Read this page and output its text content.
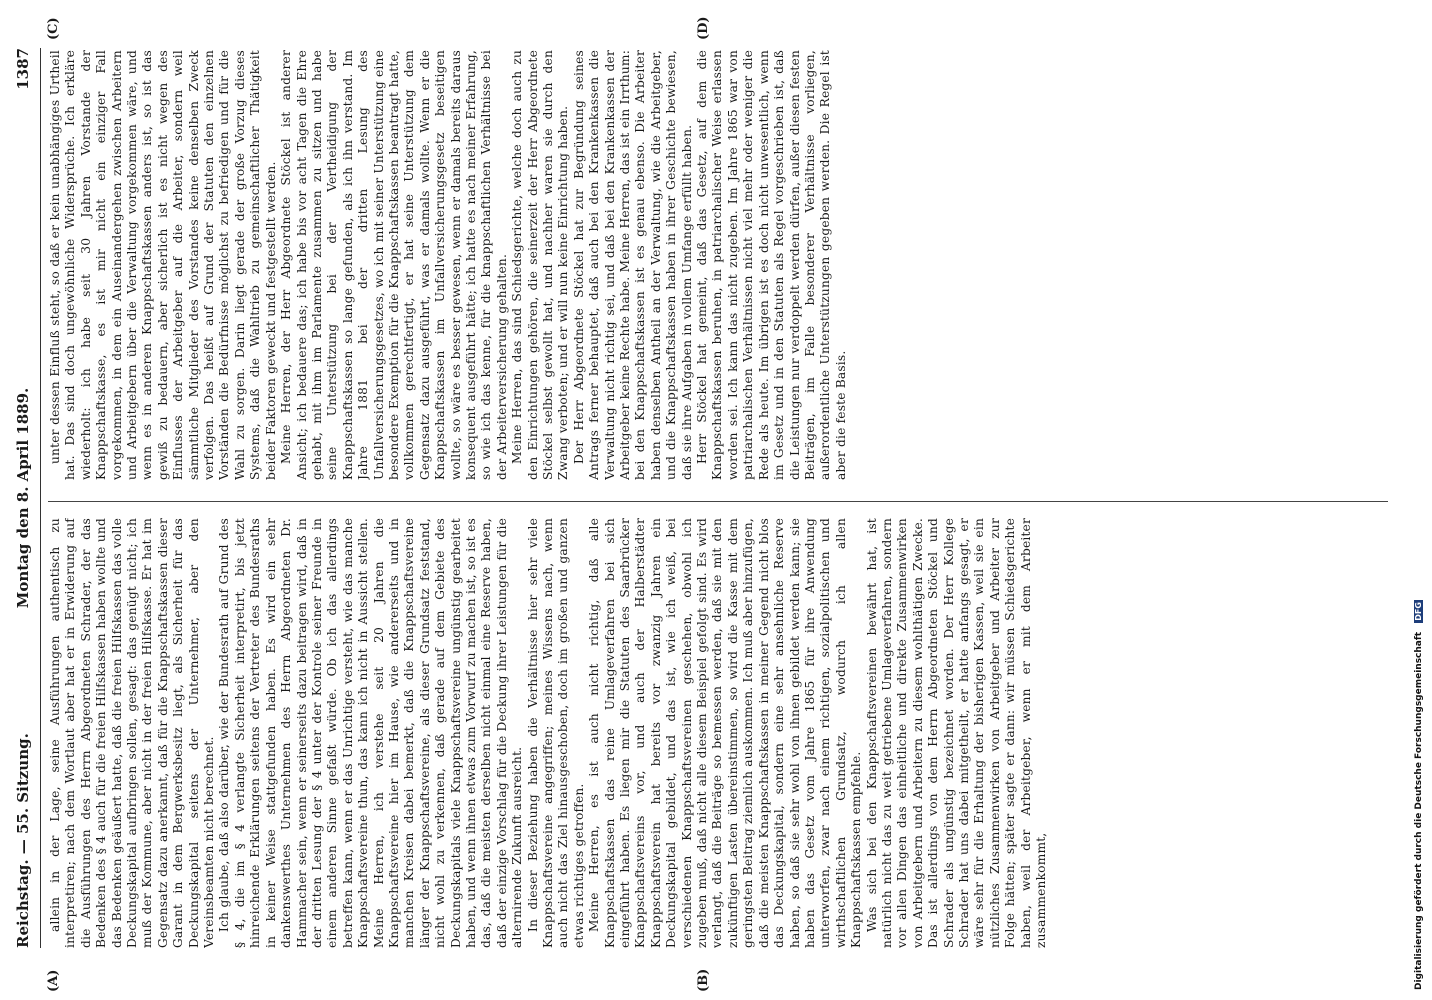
Reichstag. — 55. Sitzung.
Montag den 8. April 1889.
1387
(A)	(B)
(C)	(D)

allein in der Lage, seine Ausführungen authentisch zu interpretiren; nach dem Wortlaut aber hat er in Erwiderung auf die Ausführungen des Herrn Abgeordneten Schrader, der das Bedenken des § 4 auch für die freien Hilfskassen haben wollte und das Bedenken geäußert hatte, daß die freien Hilfskassen das volle Deckungskapital aufbringen sollen, gesagt: das genügt nicht; ich muß der Kommune, aber nicht in der freien Hilfskasse. Er hat im Gegensatz dazu anerkannt, daß für die Knappschaftskassen dieser Garant in dem Bergwerksbesitz liegt, als Sicherheit für das Deckungskapital seitens der Unternehmer, aber den Vereinsbeamten nicht berechnet. Ich glaube, daß also darüber, wie der Bundesrath auf Grund des § 4, die im § 4 verlangte Sicherheit interpretirt, bis jetzt hinreichende Erklärungen seitens der Vertreter des Bundesraths in keiner Weise stattgefunden haben. Es wird ein sehr dankenswerthes Unternehmen des Herrn Abgeordneten Dr. Hammacher sein, wenn er seinerseits dazu beitragen wird, daß in der dritten Lesung der § 4 unter der Kontrole seiner Freunde in einem anderen Sinne gefaßt würde. Ob ich das allerdings betreffen kann, wenn er das Unrichtige versteht, wie das manche Knappschaftsvereine thun, das kann ich nicht in Aussicht stellen. Meine Herren, ich verstehe seit 20 Jahren die Knappschaftsvereine hier im Hause, wie andererseits und in manchen Kreisen dabei bemerkt, daß die Knappschaftsvereine länger der Knappschaftsvereine, als dieser Grundsatz feststand, nicht wohl zu verkennen, daß gerade auf dem Gebiete des Deckungskapitals viele Knappschaftsvereine ungünstig gearbeitet haben, und wenn ihnen etwas zum Vorwurf zu machen ist, so ist es das, daß die meisten derselben nicht einmal eine Reserve haben, daß der einzige Vorschlag für die Deckung ihrer Leistungen für die alternirende Zukunft ausreicht. In dieser Beziehung haben die Verhältnisse hier sehr viele Knappschaftsvereine angegriffen; meines Wissens nach, wenn auch nicht das Ziel hinausgeschoben, doch im großen und ganzen etwas richtiges getroffen. Meine Herren, es ist auch nicht richtig, daß alle Knappschaftskassen das reine Umlageverfahren bei sich eingeführt haben. Es liegen mir die Statuten des Saarbrücker Knappschaftsvereins vor, und auch der Halberstädter Knappschaftsverein hat bereits vor zwanzig Jahren ein Deckungskapital gebildet, und das ist, wie ich weiß, bei verschiedenen Knappschaftsvereinen geschehen, obwohl ich zugeben muß, daß nicht alle diesem Beispiel gefolgt sind. Es wird verlangt, daß die Beiträge so bemessen werden, daß sie mit den zukünftigen Lasten übereinstimmen, so wird die Kasse mit dem geringsten Beitrag ziemlich auskommen. Ich muß aber hinzufügen, daß die meisten Knappschaftskassen in meiner Gegend nicht blos das Deckungskapital, sondern eine sehr ansehnliche Reserve haben, so daß sie sehr wohl von ihnen gebildet werden kann; sie haben das Gesetz vom Jahre 1865 für ihre Anwendung unterworfen, zwar nach einem richtigen, sozialpolitischen und wirthschaftlichen Grundsatz, wodurch ich allen Knappschaftskassen empfehle. Was sich bei den Knappschaftsvereinen bewährt hat, ist natürlich nicht das zu weit getriebene Umlageverfahren, sondern vor allen Dingen das einheitliche und direkte Zusammenwirken von Arbeitgebern und Arbeitern zu diesem wohlthätigen Zwecke. Das ist allerdings von dem Herrn Abgeordneten Stöckel und Schrader als ungünstig bezeichnet worden. Der Herr Kollege Schrader hat uns dabei mitgetheilt, er hatte anfangs gesagt, er wäre sehr für die Erhaltung der bisherigen Kassen, weil sie ein nützliches Zusammenwirken von Arbeitgeber und Arbeiter zur Folge hätten; später sagte er dann: wir müssen Schiedsgerichte haben, weil der Arbeitgeber, wenn er mit dem Arbeiter zusammenkommt,

unter dessen Einfluß steht, so daß er kein unabhängiges Urtheil hat. Das sind doch ungewöhnliche Widersprüche. Ich erkläre wiederholt: ich habe seit 30 Jahren Vorstande der Knappschaftskasse, es ist mir nicht ein einziger Fall vorgekommen, in dem ein Auseinandergehen zwischen Arbeitern und Arbeitgebern über die Verwaltung vorgekommen wäre, und wenn es in anderen Knappschaftskassen anders ist, so ist das gewiß zu bedauern, aber sicherlich ist es nicht wegen des Einflusses der Arbeitgeber auf die Arbeiter, sondern weil sämmtliche Mitglieder des Vorstandes keine denselben Zweck verfolgen. Das heißt auf Grund der Statuten den einzelnen Vorständen die Bedürfnisse möglichst zu befriedigen und für die Wahl zu sorgen. Darin liegt gerade der große Vorzug dieses Systems, daß die Wahltrieb zu gemeinschaftlicher Thätigkeit beider Faktoren geweckt und festgestellt werden. Meine Herren, der Herr Abgeordnete Stöckel ist anderer Ansicht; ich bedauere das; ich habe bis vor acht Tagen die Ehre gehabt, mit ihm im Parlamente zusammen zu sitzen und habe seine Unterstützung bei der Vertheidigung der Knappschaftskassen so lange gefunden, als ich ihn verstand. Im Jahre 1881 bei der dritten Lesung des Unfallversicherungsgesetzes, wo ich mit seiner Unterstützung eine besondere Exemption für die Knappschaftskassen beantragt hatte, vollkommen gerechtfertigt, er hat seine Unterstützung dem Gegensatz dazu ausgeführt, was er damals wollte. Wenn er die Knappschaftskassen im Unfallversicherungsgesetz beseitigen wollte, so wäre es besser gewesen, wenn er damals bereits daraus konsequent ausgeführt hätte; ich hatte es nach meiner Erfahrung, so wie ich das kenne, für die knappschaftlichen Verhältnisse bei der Arbeiterversicherung gehalten. Meine Herren, das sind Schiedsgerichte, welche doch auch zu den Einrichtungen gehören, die seinerzeit der Herr Abgeordnete Stöckel selbst gewollt hat, und nachher waren sie durch den Zwang verboten; und er will nun keine Einrichtung haben. Der Herr Abgeordnete Stöckel hat zur Begründung seines Antrags ferner behauptet, daß auch bei den Krankenkassen die Verwaltung nicht richtig sei, und daß bei den Krankenkassen der Arbeitgeber keine Rechte habe. Meine Herren, das ist ein Irrthum: bei den Knappschaftskassen ist es genau ebenso. Die Arbeiter haben denselben Antheil an der Verwaltung, wie die Arbeitgeber, und die Knappschaftskassen haben in ihrer Geschichte bewiesen, daß sie ihre Aufgaben in vollem Umfange erfüllt haben. Herr Stöckel hat gemeint, daß das Gesetz, auf dem die Knappschaftskassen beruhen, in patriarchalischer Weise erlassen worden sei. Ich kann das nicht zugeben. Im Jahre 1865 war von patriarchalischen Verhältnissen nicht viel mehr oder weniger die Rede als heute. Im übrigen ist es doch nicht unwesentlich, wenn im Gesetz und in den Statuten als Regel vorgeschrieben ist, daß die Leistungen nur verdoppelt werden dürfen, außer diesen festen Beiträgen, im Falle besonderer Verhältnisse vorliegen, außerordentliche Unterstützungen gegeben werden. Die Regel ist aber die feste Basis.

Digitalisierung gefördert durch die Deutsche Forschungsgemeinschaft DFG
